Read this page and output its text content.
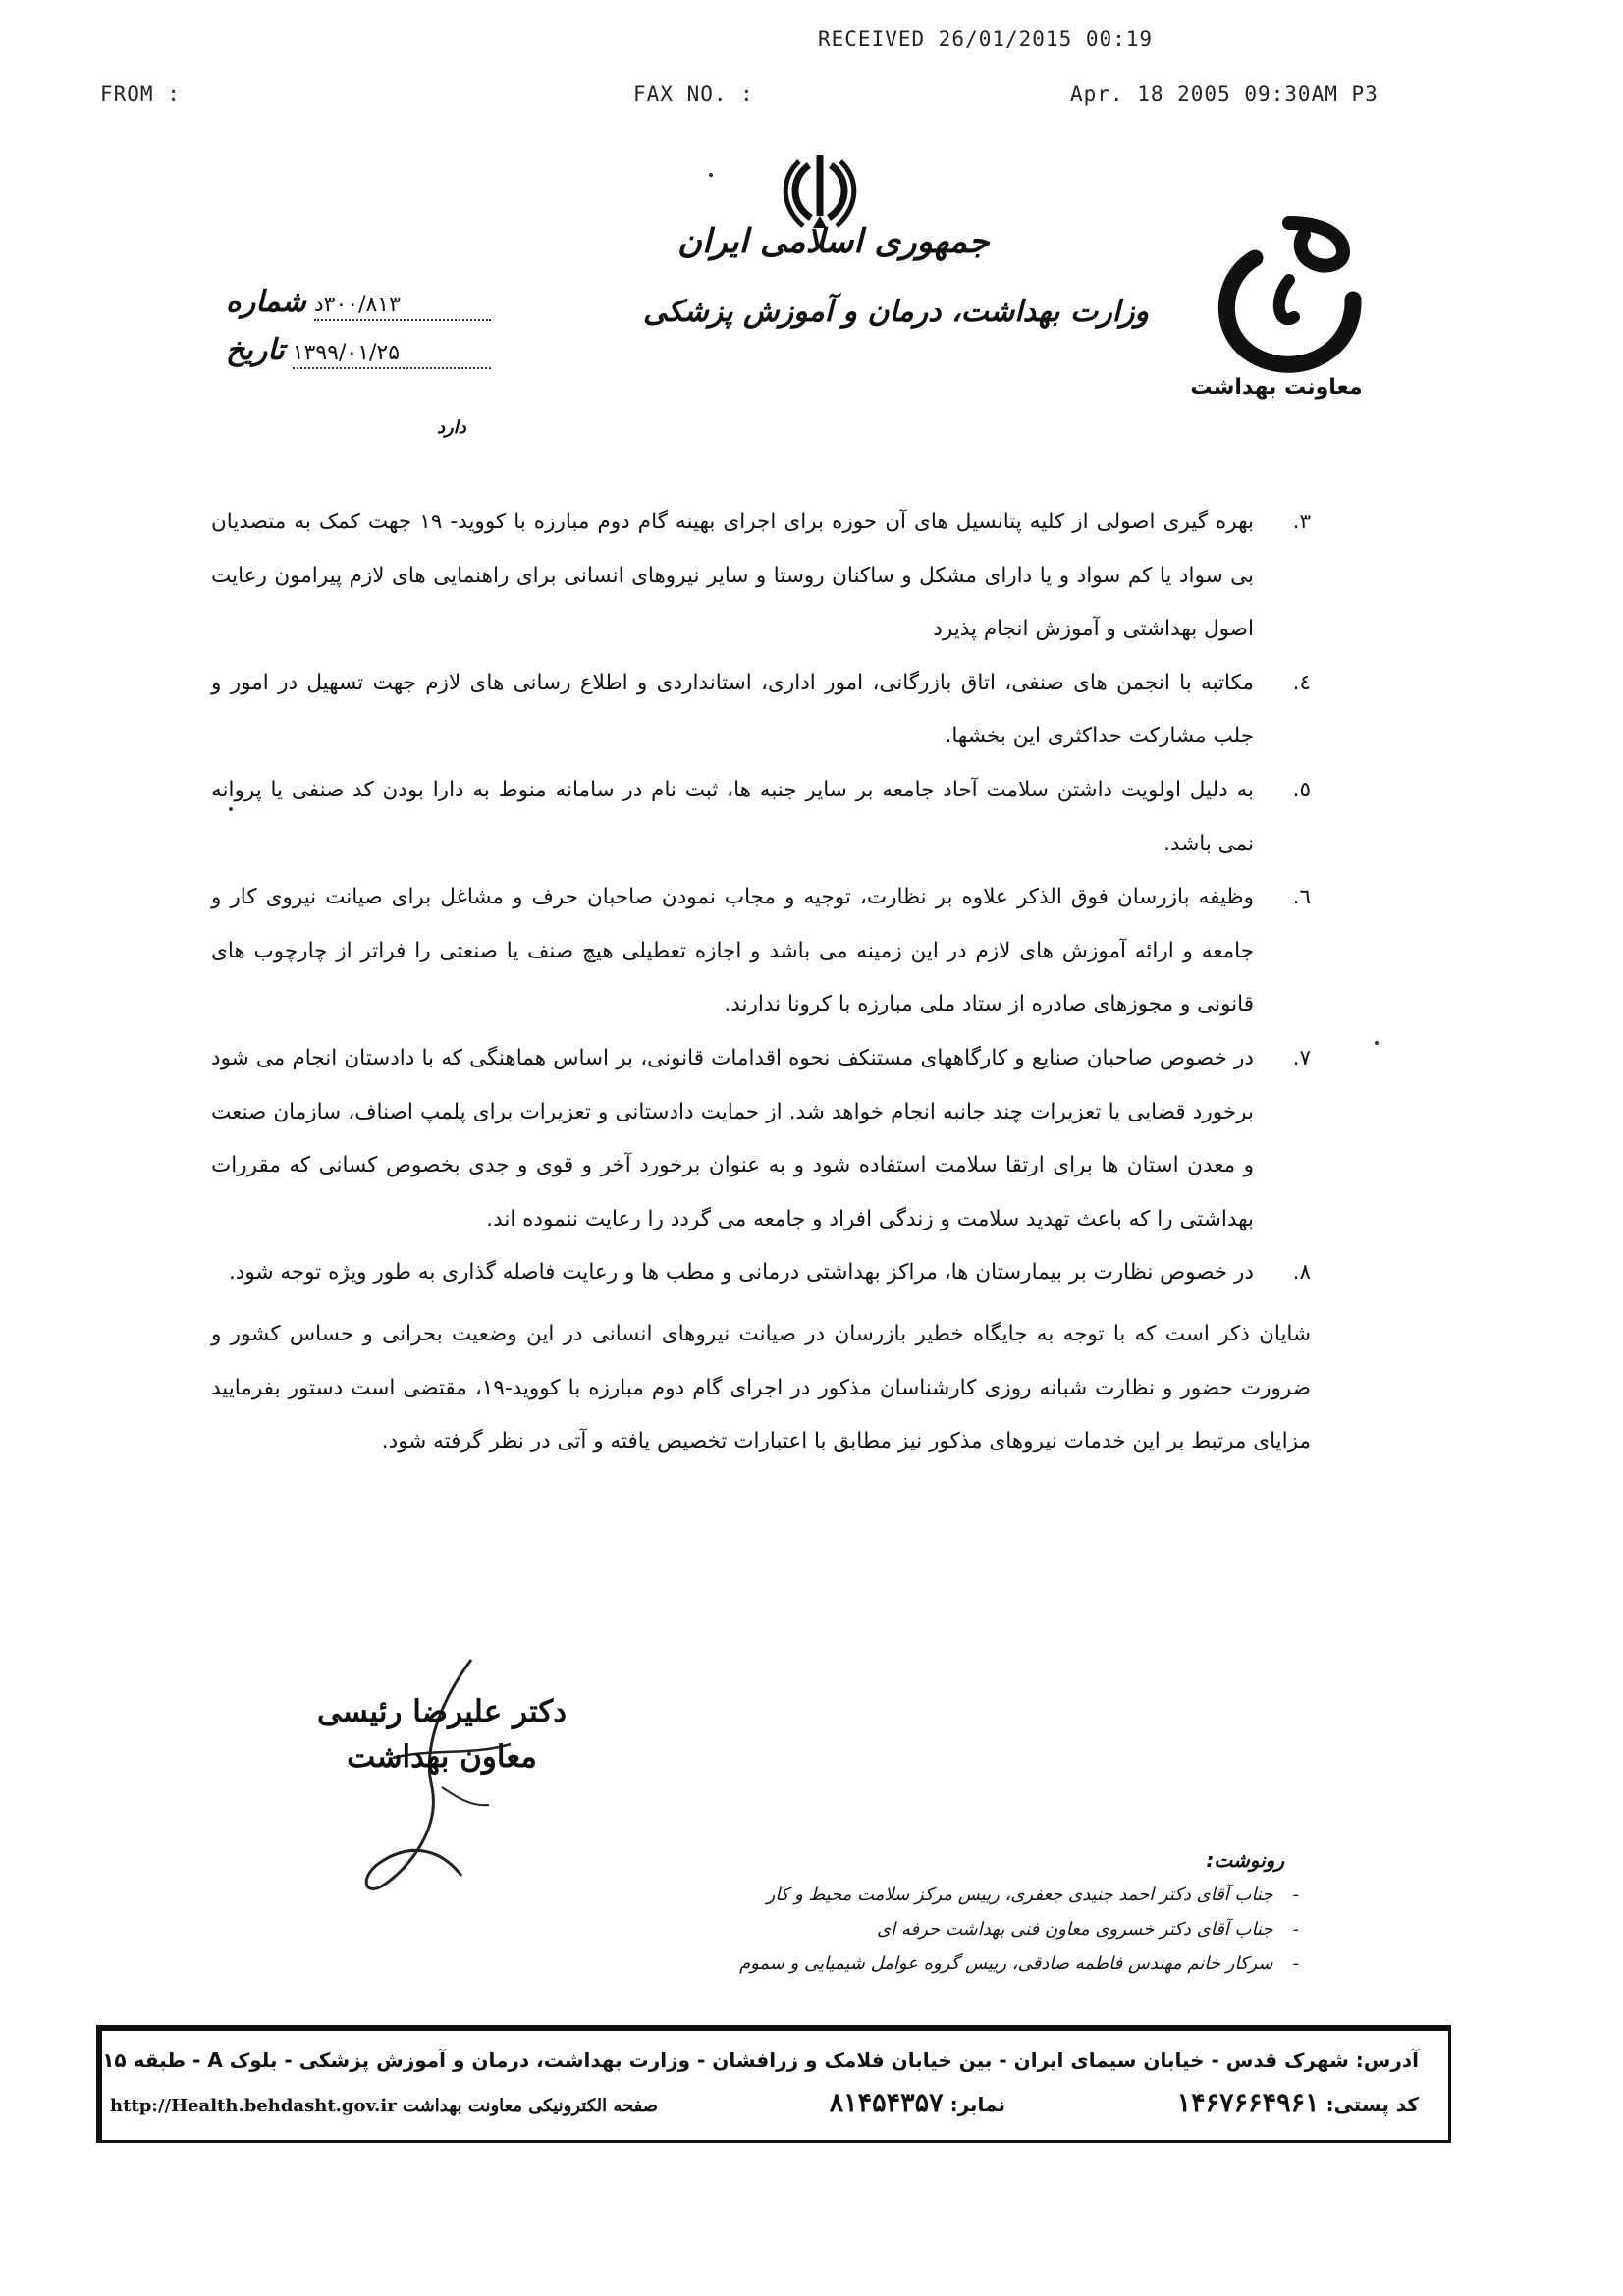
RECEIVED 26/01/2015 00:19
FROM :	FAX NO. :	Apr. 18 2005 09:30AM P3
جمهوری اسلامی ایران
وزارت بهداشت، درمان و آموزش پزشکی
معاونت بهداشت
شماره ۳۰۰/۸۱۳د
تاریخ ۱۳۹۹/۰۱/۲۵
دارد
۳.
بهره گیری اصولی از کلیه پتانسیل های آن حوزه برای اجرای بهینه گام دوم مبارزه با کووید- ۱۹ جهت کمک به متصدیان بی سواد یا کم سواد و یا دارای مشکل و ساکنان روستا و سایر نیروهای انسانی برای راهنمایی های لازم پیرامون رعایت اصول بهداشتی و آموزش انجام پذیرد
٤.
مکاتبه با انجمن های صنفی، اتاق بازرگانی، امور اداری، استانداردی و اطلاع رسانی های لازم جهت تسهیل در امور و جلب مشارکت حداکثری این بخشها.
٥.
به دلیل اولویت داشتن سلامت آحاد جامعه بر سایر جنبه ها، ثبت نام در سامانه منوط به دارا بودن کد صنفی یا پروانه نمی باشد.
٦.
وظیفه بازرسان فوق الذکر علاوه بر نظارت، توجیه و مجاب نمودن صاحبان حرف و مشاغل برای صیانت نیروی کار و جامعه و ارائه آموزش های لازم در این زمینه می باشد و اجازه تعطیلی هیچ صنف یا صنعتی را فراتر از چارچوب های قانونی و مجوزهای صادره از ستاد ملی مبارزه با کرونا ندارند.
۷.
در خصوص صاحبان صنایع و کارگاههای مستنکف نحوه اقدامات قانونی، بر اساس هماهنگی که با دادستان انجام می شود برخورد قضایی یا تعزیرات چند جانبه انجام خواهد شد. از حمایت دادستانی و تعزیرات برای پلمپ اصناف، سازمان صنعت و معدن استان ها برای ارتقا سلامت استفاده شود و به عنوان برخورد آخر و قوی و جدی بخصوص کسانی که مقررات بهداشتی را که باعث تهدید سلامت و زندگی افراد و جامعه می گردد را رعایت ننموده اند.
۸.
در خصوص نظارت بر بیمارستان ها، مراکز بهداشتی درمانی و مطب ها و رعایت فاصله گذاری به طور ویژه توجه شود.
شایان ذکر است که با توجه به جایگاه خطیر بازرسان در صیانت نیروهای انسانی در این وضعیت بحرانی و حساس کشور و ضرورت حضور و نظارت شبانه روزی کارشناسان مذکور در اجرای گام دوم مبارزه با کووید-۱۹، مقتضی است دستور بفرمایید مزایای مرتبط بر این خدمات نیروهای مذکور نیز مطابق با اعتبارات تخصیص یافته و آتی در نظر گرفته شود.
دکتر علیرضا رئیسی
معاون بهداشت
رونوشت:
-
جناب آقای دکتر احمد جنیدی جعفری، رییس مرکز سلامت محیط و کار
-
جناب آقای دکتر خسروی معاون فنی بهداشت حرفه ای
-
سرکار خانم مهندس فاطمه صادقی، رییس گروه عوامل شیمیایی و سموم
آدرس: شهرک قدس - خیابان سیمای ایران - بین خیابان فلامک و زرافشان - وزارت بهداشت، درمان و آموزش پزشکی - بلوک A - طبقه ۱۵
http://Health.behdasht.gov.ir صفحه الکترونیکی معاونت بهداشت	نمابر: ۸۱۴۵۴۳۵۷	کد پستی: ۱۴۶۷۶۶۴۹۶۱
